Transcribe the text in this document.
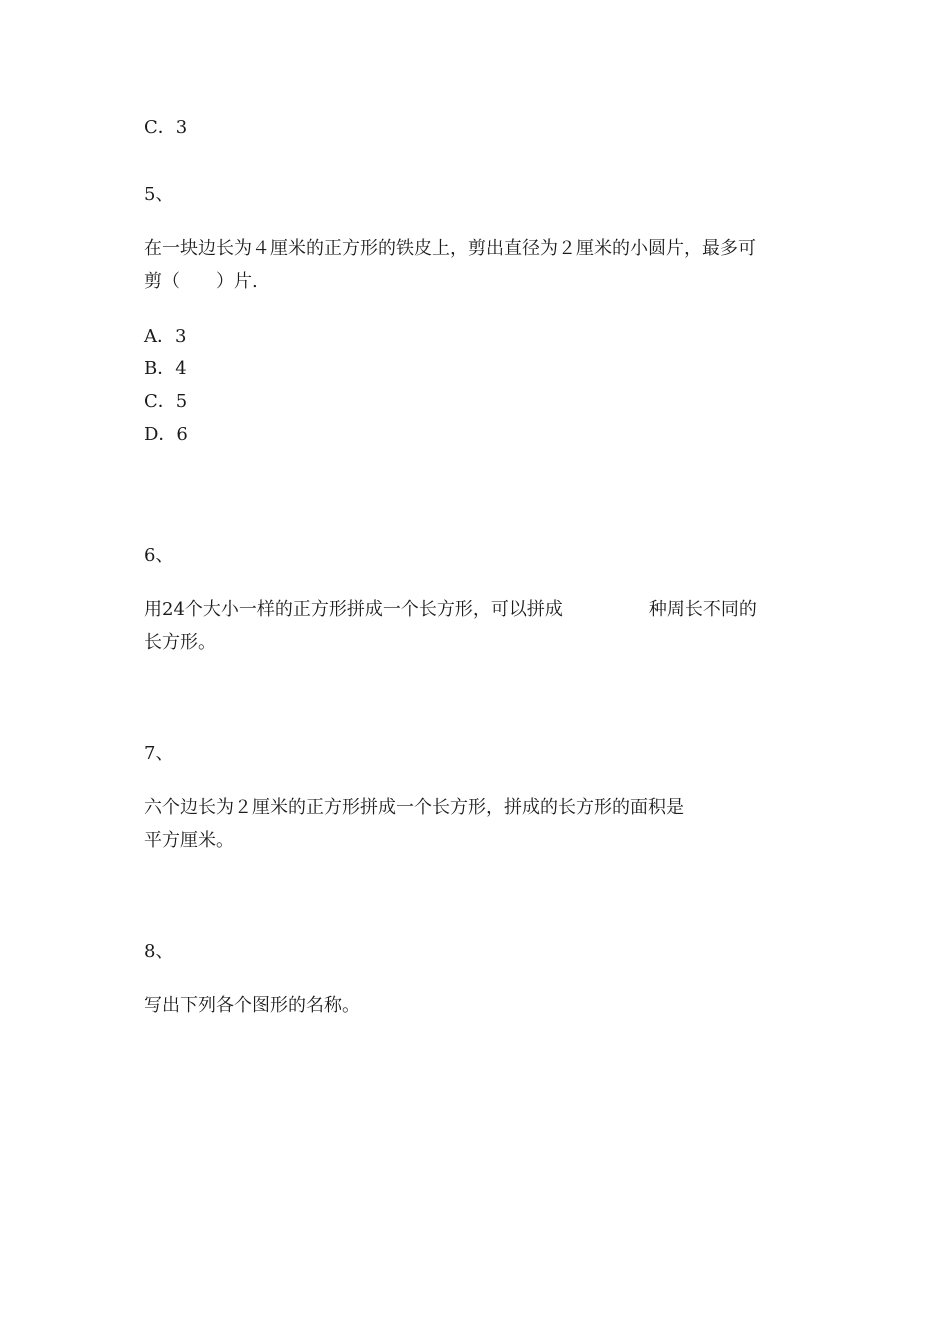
C．3
5、
在一块边长为４厘米的正方形的铁皮上，剪出直径为２厘米的小圆片，最多可
剪（　　）片.
A．3
B．4
C．5
D．6
6、
用24个大小一样的正方形拼成一个长方形，可以拼成	种周长不同的
长方形。
7、
六个边长为２厘米的正方形拼成一个长方形，拼成的长方形的面积是
平方厘米。
8、
写出下列各个图形的名称。
